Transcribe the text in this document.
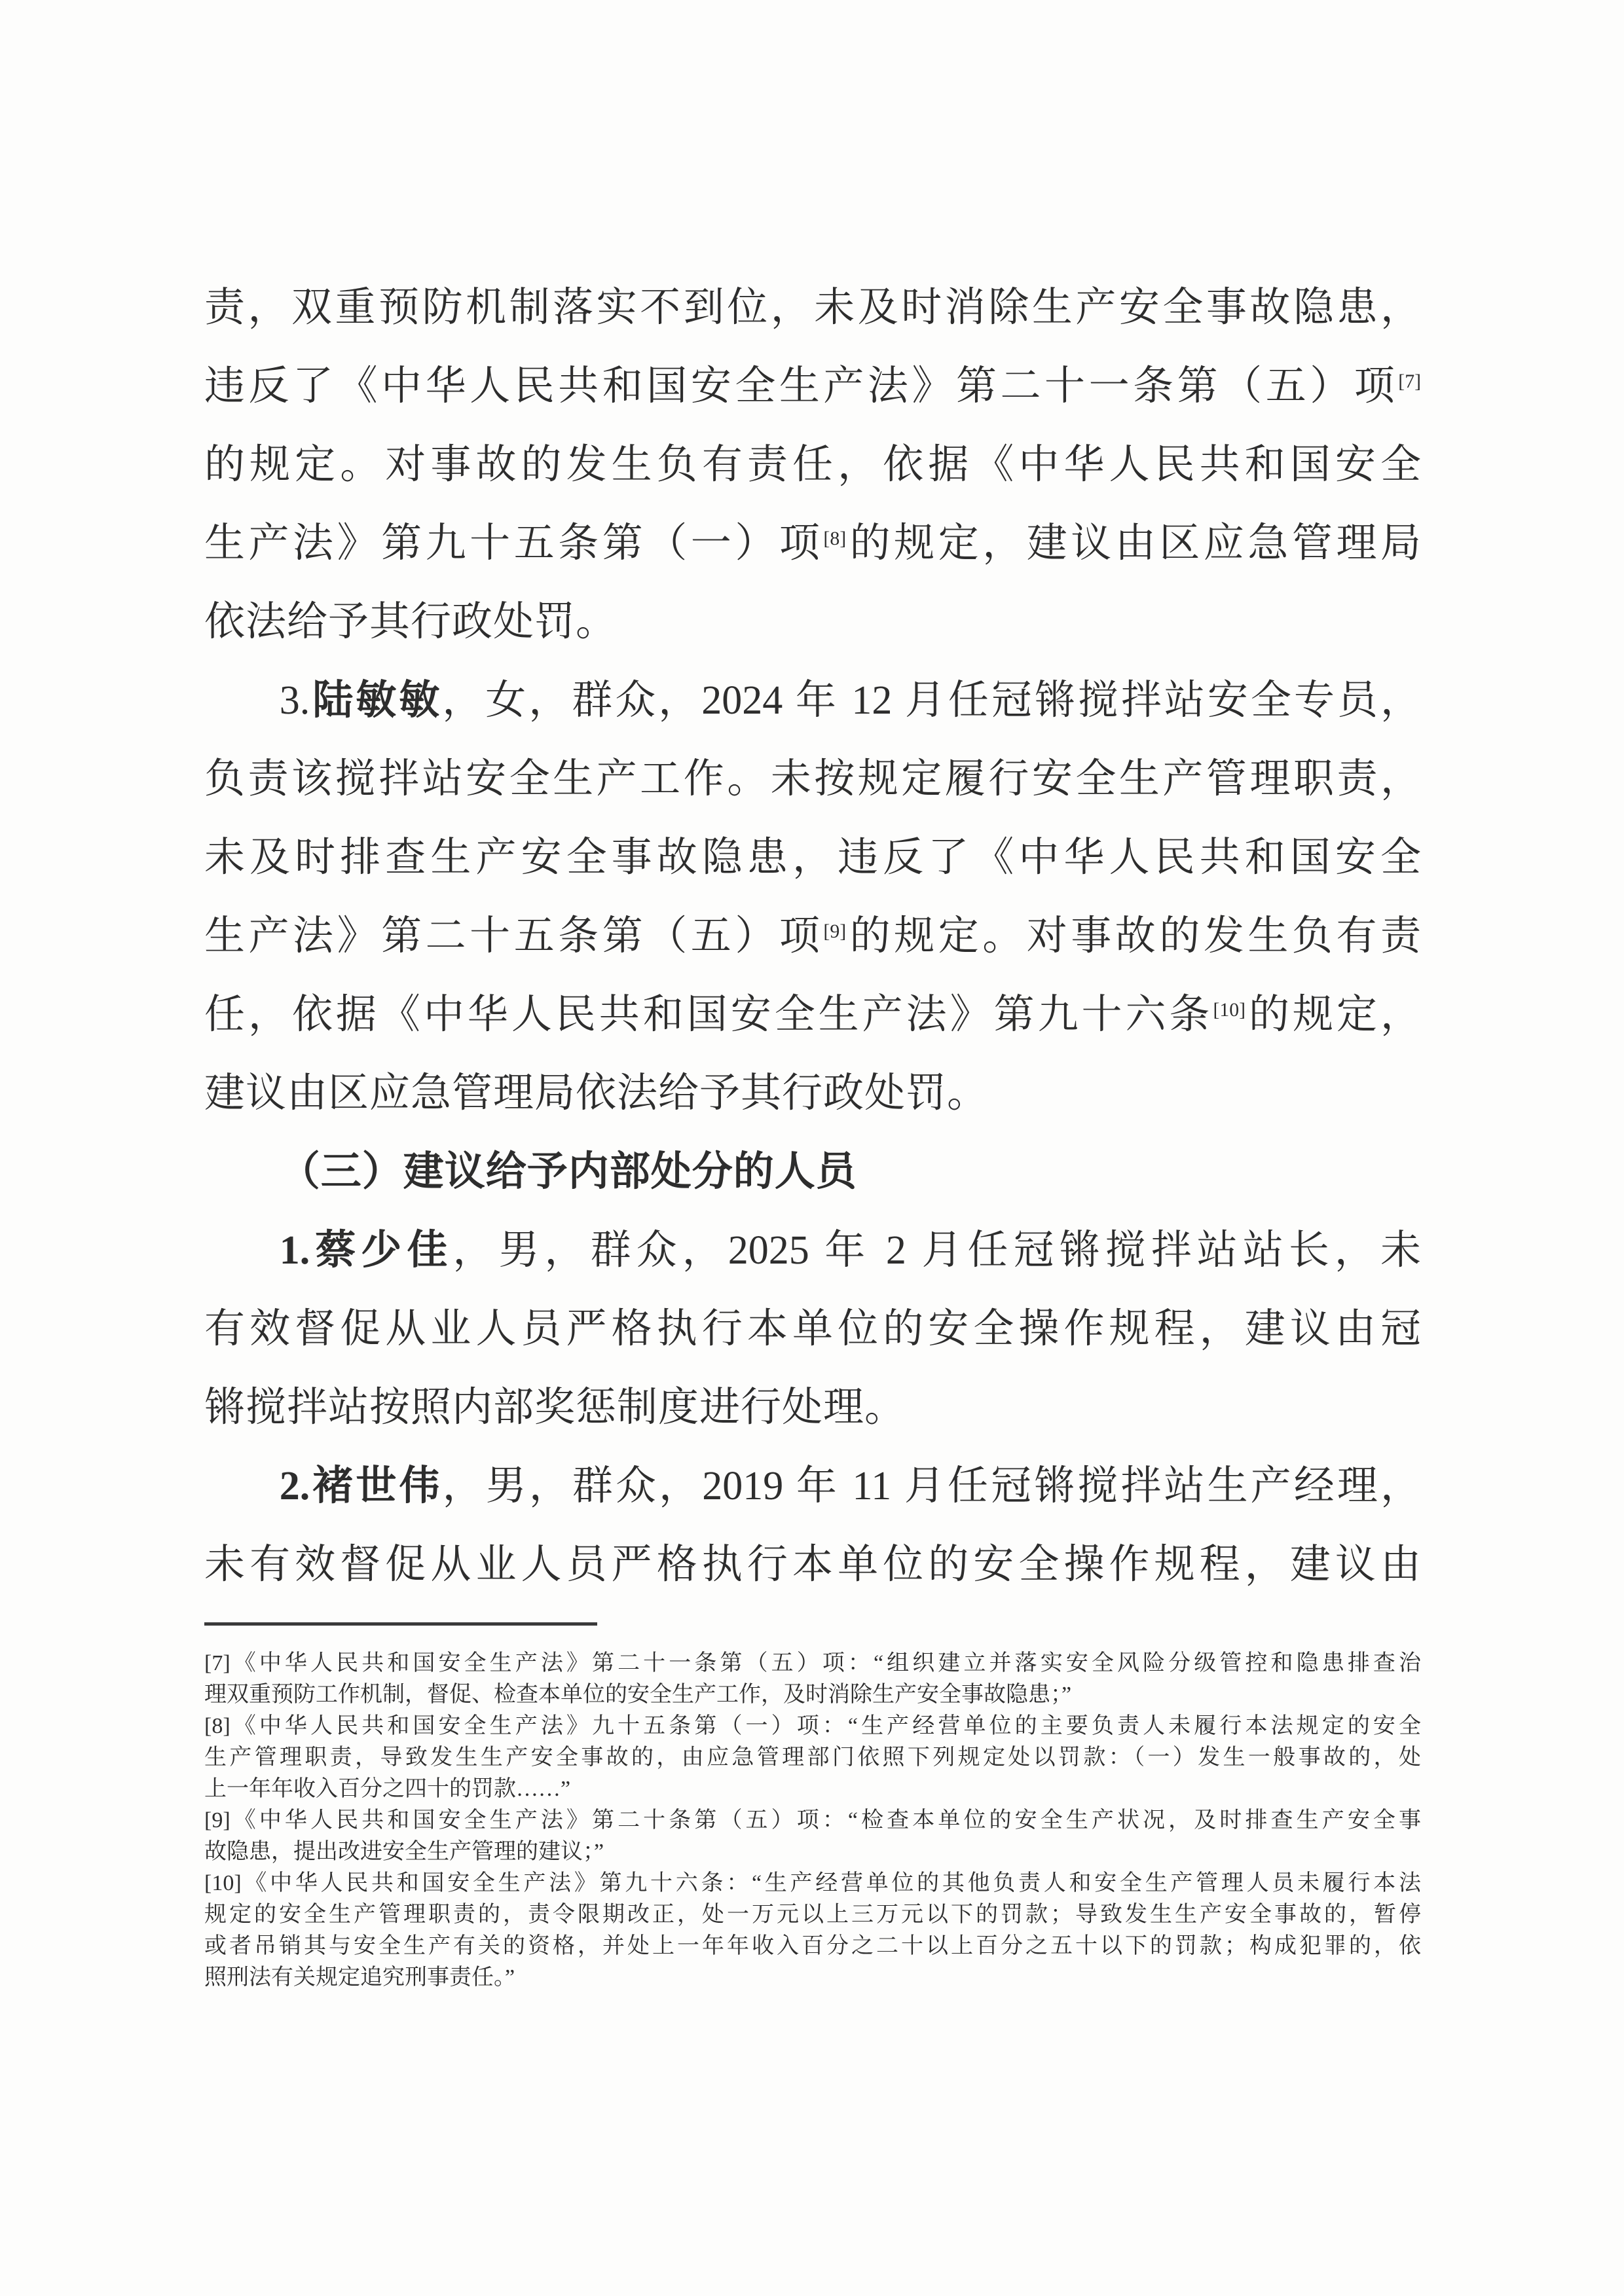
责，双重预防机制落实不到位，未及时消除生产安全事故隐患，
违反了《中华人民共和国安全生产法》第二十一条第（五）项[7]
的规定。对事故的发生负有责任，依据《中华人民共和国安全
生产法》第九十五条第（一）项[8]的规定，建议由区应急管理局
依法给予其行政处罚。
3.陆敏敏，女，群众，2024 年 12 月任冠锵搅拌站安全专员，
负责该搅拌站安全生产工作。未按规定履行安全生产管理职责，
未及时排查生产安全事故隐患，违反了《中华人民共和国安全
生产法》第二十五条第（五）项[9]的规定。对事故的发生负有责
任，依据《中华人民共和国安全生产法》第九十六条[10]的规定，
建议由区应急管理局依法给予其行政处罚。
（三）建议给予内部处分的人员
1.蔡少佳，男，群众，2025 年 2 月任冠锵搅拌站站长，未
有效督促从业人员严格执行本单位的安全操作规程，建议由冠
锵搅拌站按照内部奖惩制度进行处理。
2.褚世伟，男，群众，2019 年 11 月任冠锵搅拌站生产经理，
未有效督促从业人员严格执行本单位的安全操作规程，建议由
[7]《中华人民共和国安全生产法》第二十一条第（五）项：“组织建立并落实安全风险分级管控和隐患排查治
理双重预防工作机制，督促、检查本单位的安全生产工作，及时消除生产安全事故隐患；”
[8]《中华人民共和国安全生产法》九十五条第（一）项：“生产经营单位的主要负责人未履行本法规定的安全
生产管理职责，导致发生生产安全事故的，由应急管理部门依照下列规定处以罚款：（一）发生一般事故的，处
上一年年收入百分之四十的罚款……”
[9]《中华人民共和国安全生产法》第二十条第（五）项：“检查本单位的安全生产状况，及时排查生产安全事
故隐患，提出改进安全生产管理的建议；”
[10]《中华人民共和国安全生产法》第九十六条：“生产经营单位的其他负责人和安全生产管理人员未履行本法
规定的安全生产管理职责的，责令限期改正，处一万元以上三万元以下的罚款；导致发生生产安全事故的，暂停
或者吊销其与安全生产有关的资格，并处上一年年收入百分之二十以上百分之五十以下的罚款；构成犯罪的，依
照刑法有关规定追究刑事责任。”
